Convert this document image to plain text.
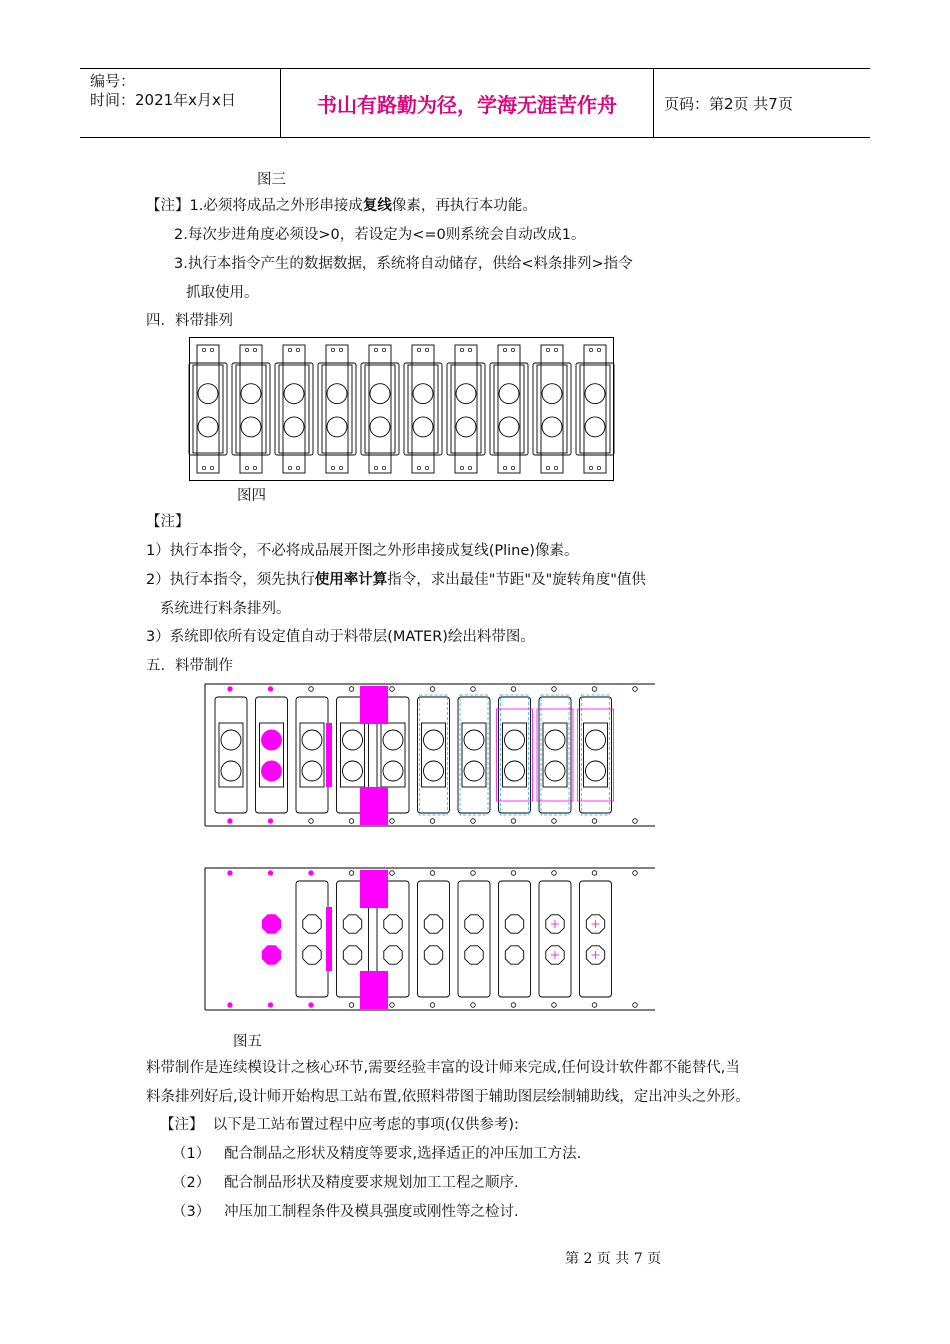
编号：
时间：2021年x月x日	书山有路勤为径，学海无涯苦作舟	页码：第2页 共7页
图三
【注】1.必须将成品之外形串接成复线像素，再执行本功能。
2.每次步进角度必须设>0，若设定为<=0则系统会自动改成1。
3.执行本指令产生的数据数据，系统将自动储存，供给<料条排列>指令
抓取使用。
四．料带排列
图四
【注】
1）执行本指令，不必将成品展开图之外形串接成复线(Pline)像素。
2）执行本指令，须先执行使用率计算指令，求出最佳"节距"及"旋转角度"值供
系统进行料条排列。
3）系统即依所有设定值自动于料带层(MATER)绘出料带图。
五．料带制作
图五
料带制作是连续模设计之核心环节,需要经验丰富的设计师来完成,任何设计软件都不能替代,当
料条排列好后,设计师开始构思工站布置,依照料带图于辅助图层绘制辅助线，定出冲头之外形。
【注】 以下是工站布置过程中应考虑的事项(仅供参考):
（1） 配合制品之形状及精度等要求,选择适正的冲压加工方法.
（2） 配合制品形状及精度要求规划加工工程之顺序.
（3） 冲压加工制程条件及模具强度或刚性等之检讨.
第 2 页 共 7 页
